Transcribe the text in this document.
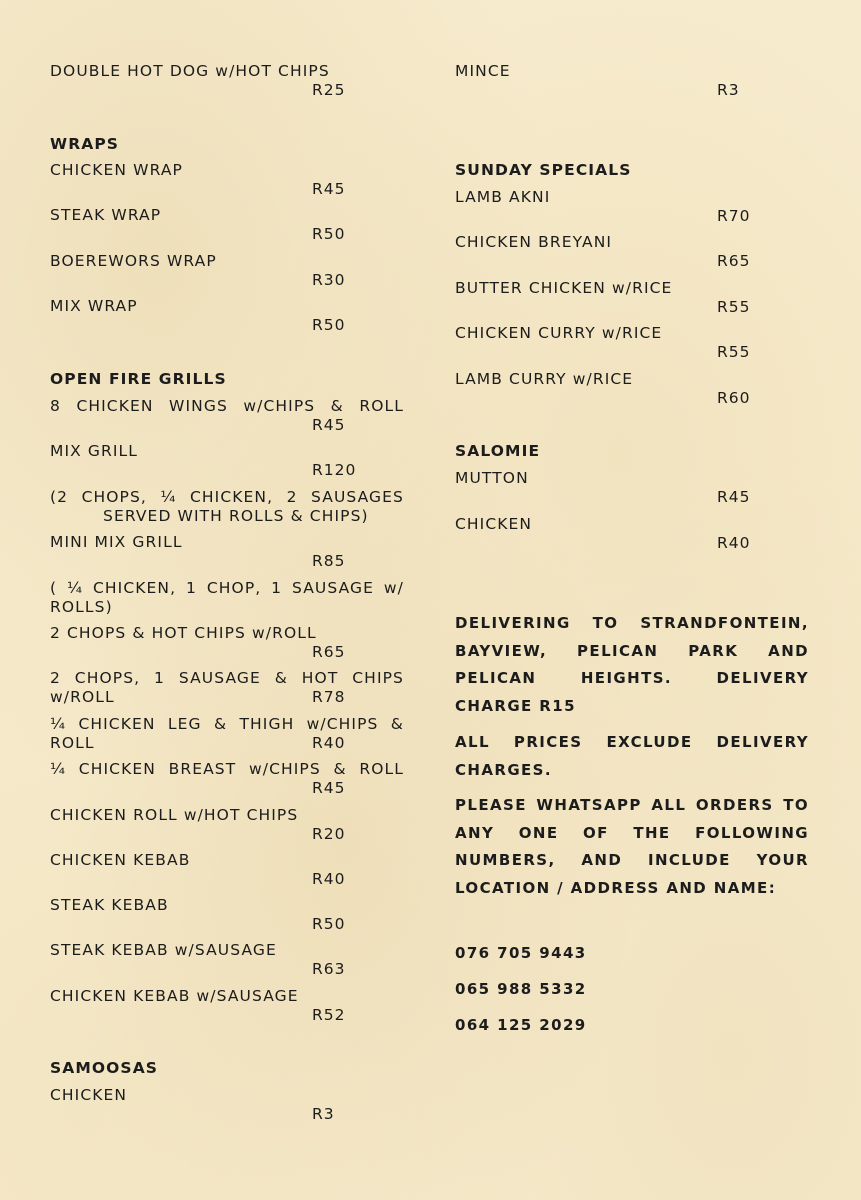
DOUBLE HOT DOG w/HOT CHIPS
R25
WRAPS
CHICKEN WRAP
R45
STEAK WRAP
R50
BOEREWORS WRAP
R30
MIX WRAP
R50
OPEN FIRE GRILLS
8 CHICKEN WINGS w/CHIPS & ROLL
R45
MIX GRILL
R120
(2 CHOPS, ¼ CHICKEN, 2 SAUSAGES
SERVED WITH ROLLS & CHIPS)
MINI MIX GRILL
R85
( ¼ CHICKEN, 1 CHOP, 1 SAUSAGE w/
ROLLS)
2 CHOPS & HOT CHIPS w/ROLL
R65
2 CHOPS, 1 SAUSAGE & HOT CHIPS
w/ROLL	R78
¼ CHICKEN LEG & THIGH w/CHIPS &
ROLL	R40
¼ CHICKEN BREAST w/CHIPS & ROLL
R45
CHICKEN ROLL w/HOT CHIPS
R20
CHICKEN KEBAB
R40
STEAK KEBAB
R50
STEAK KEBAB w/SAUSAGE
R63
CHICKEN KEBAB w/SAUSAGE
R52
SAMOOSAS
CHICKEN
R3
MINCE
R3
SUNDAY SPECIALS
LAMB AKNI
R70
CHICKEN BREYANI
R65
BUTTER CHICKEN w/RICE
R55
CHICKEN CURRY w/RICE
R55
LAMB CURRY w/RICE
R60
SALOMIE
MUTTON
R45
CHICKEN
R40
DELIVERING TO STRANDFONTEIN, BAYVIEW, PELICAN PARK AND PELICAN HEIGHTS. DELIVERY CHARGE R15
ALL PRICES EXCLUDE DELIVERY CHARGES.
PLEASE WHATSAPP ALL ORDERS TO ANY ONE OF THE FOLLOWING NUMBERS, AND INCLUDE YOUR LOCATION / ADDRESS AND NAME:
076 705 9443
065 988 5332
064 125 2029
